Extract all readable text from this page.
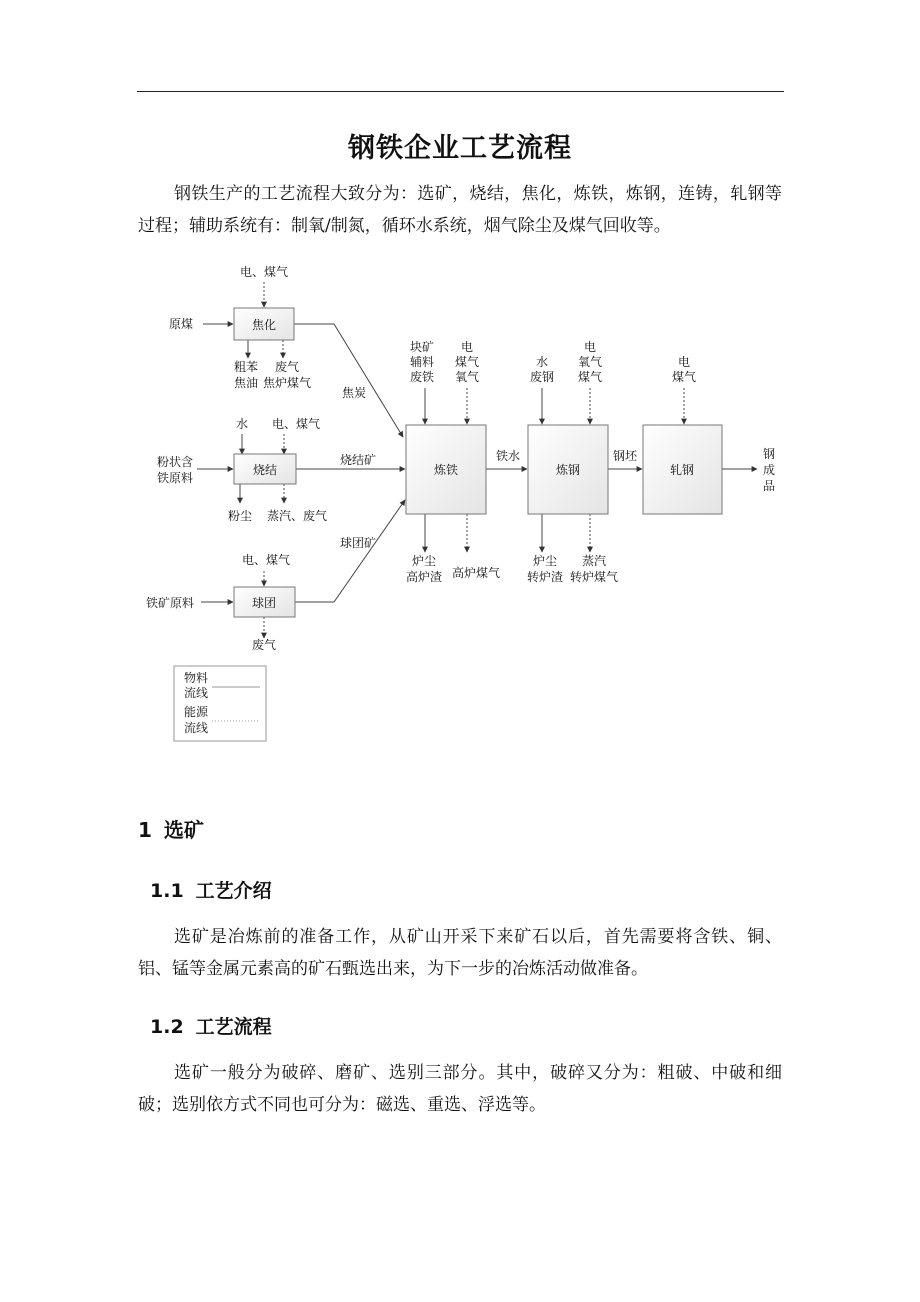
钢铁企业工艺流程

钢铁生产的工艺流程大致分为：选矿，烧结，焦化，炼铁，炼钢，连铸，轧钢等过程；辅助系统有：制氧/制氮，循环水系统，烟气除尘及煤气回收等。

焦化
烧结
球团
炼铁	炼钢	轧钢
电、煤气
原煤
粗苯
焦油
废气
焦炉煤气
焦炭
水 电、煤气
粉状含
铁原料
烧结矿
粉尘 蒸汽、废气
电、煤气
铁矿原料
球团矿
废气
块矿
辅料
废铁
电
煤气
氧气
铁水
炉尘
高炉渣 高炉煤气
水
废钢
电
氧气
煤气
钢坯
炉尘
转炉渣
蒸汽
转炉煤气
电
煤气
钢
成
品
物料
流线
能源
流线
1 选矿
1.1 工艺介绍

选矿是冶炼前的准备工作，从矿山开采下来矿石以后，首先需要将含铁、铜、铝、锰等金属元素高的矿石甄选出来，为下一步的冶炼活动做准备。

1.2 工艺流程

选矿一般分为破碎、磨矿、选别三部分。其中，破碎又分为：粗破、中破和细破；选别依方式不同也可分为：磁选、重选、浮选等。
